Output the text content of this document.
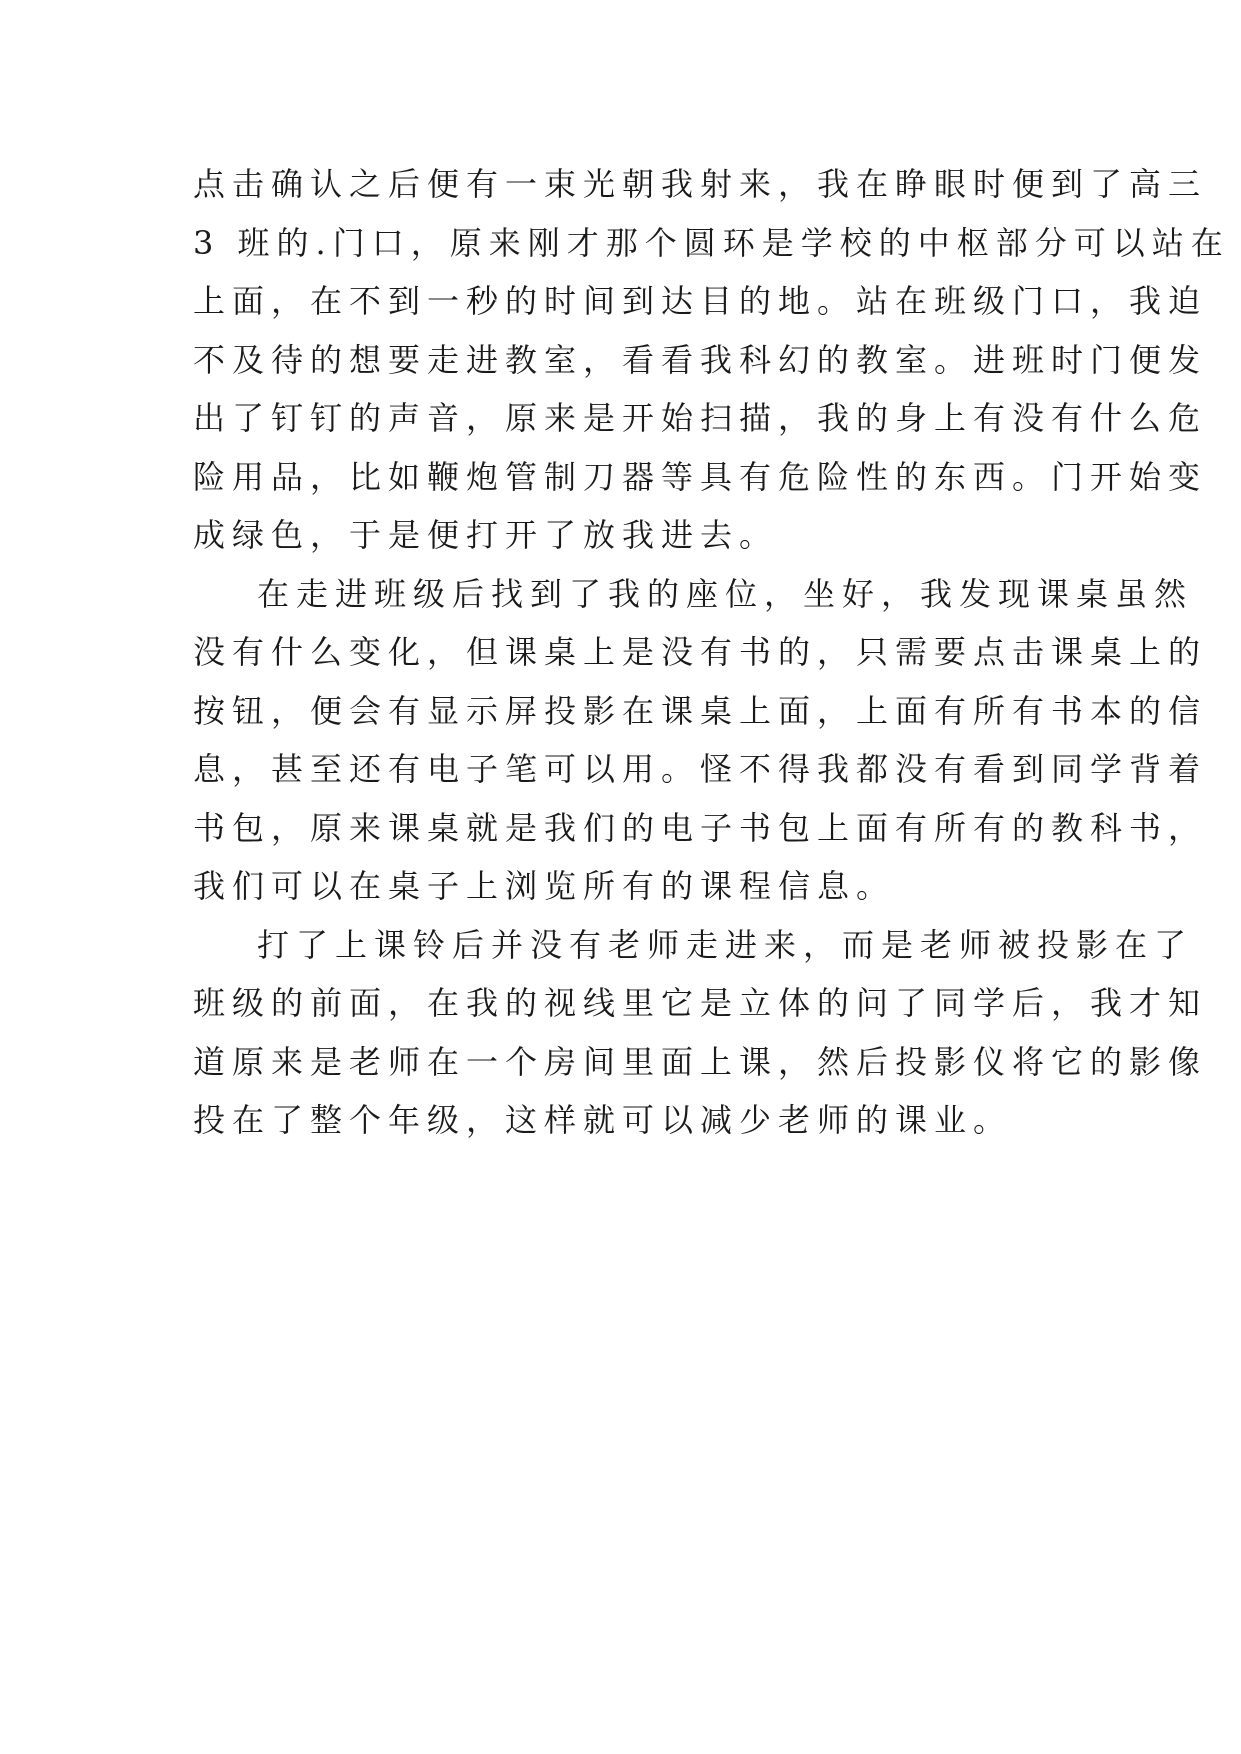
点击确认之后便有一束光朝我射来，我在睁眼时便到了高三
3 班的.门口，原来刚才那个圆环是学校的中枢部分可以站在
上面，在不到一秒的时间到达目的地。站在班级门口，我迫
不及待的想要走进教室，看看我科幻的教室。进班时门便发
出了钉钉的声音，原来是开始扫描，我的身上有没有什么危
险用品，比如鞭炮管制刀器等具有危险性的东西。门开始变
成绿色，于是便打开了放我进去。
在走进班级后找到了我的座位，坐好，我发现课桌虽然
没有什么变化，但课桌上是没有书的，只需要点击课桌上的
按钮，便会有显示屏投影在课桌上面，上面有所有书本的信
息，甚至还有电子笔可以用。怪不得我都没有看到同学背着
书包，原来课桌就是我们的电子书包上面有所有的教科书，
我们可以在桌子上浏览所有的课程信息。
打了上课铃后并没有老师走进来，而是老师被投影在了
班级的前面，在我的视线里它是立体的问了同学后，我才知
道原来是老师在一个房间里面上课，然后投影仪将它的影像
投在了整个年级，这样就可以减少老师的课业。
